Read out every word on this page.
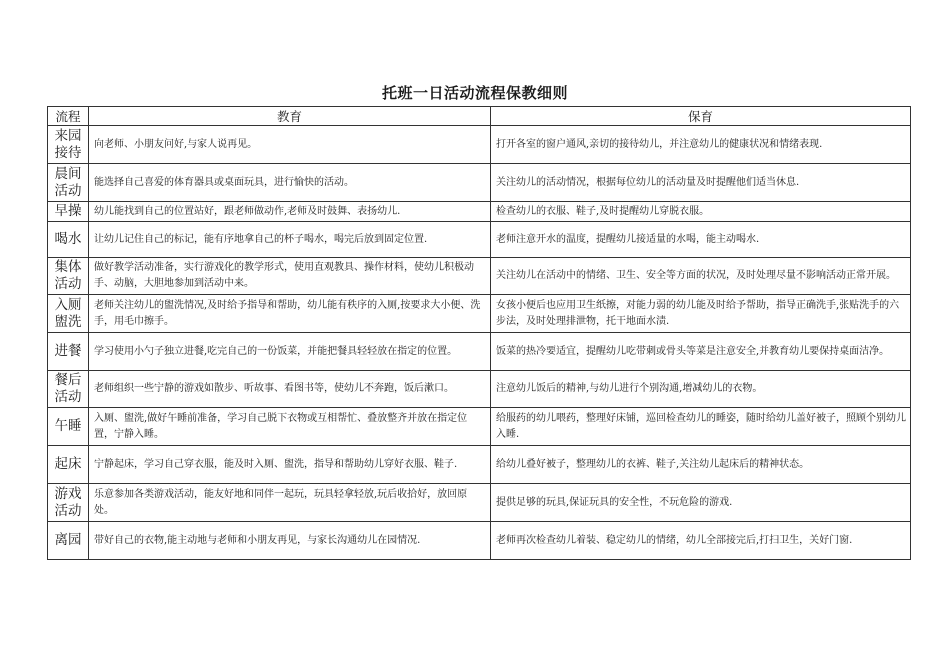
托班一日活动流程保教细则
流程	教育	保育

来园
接待	向老师、小朋友问好,与家人说再见。	打开各室的窗户通风,亲切的接待幼儿，并注意幼儿的健康状况和情绪表现.

晨间
活动	能选择自己喜爱的体育器具或桌面玩具，进行愉快的活动。	关注幼儿的活动情况，根据每位幼儿的活动量及时提醒他们适当休息.

早操	幼儿能找到自己的位置站好，跟老师做动作,老师及时鼓舞、表扬幼儿.	检查幼儿的衣服、鞋子,及时提醒幼儿穿脱衣服。

喝水	让幼儿记住自己的标记，能有序地拿自己的杯子喝水，喝完后放到固定位置.	老师注意开水的温度，提醒幼儿接适量的水喝，能主动喝水.

集体
活动	做好教学活动准备，实行游戏化的教学形式，使用直观教具、操作材料，使幼儿积极动手、动脑，大胆地参加到活动中来。	关注幼儿在活动中的情绪、卫生、安全等方面的状况，及时处理尽量不影响活动正常开展。

入厕
盥洗	老师关注幼儿的盥洗情况,及时给予指导和帮助，幼儿能有秩序的入厕,按要求大小便、洗手，用毛巾擦手。	女孩小便后也应用卫生纸擦，对能力弱的幼儿能及时给予帮助，指导正确洗手,张贴洗手的六步法，及时处理排泄物，托干地面水渍.

进餐	学习使用小勺子独立进餐,吃完自己的一份饭菜，并能把餐具轻轻放在指定的位置。	饭菜的热冷要适宜，提醒幼儿吃带刺或骨头等菜是注意安全,并教育幼儿要保持桌面洁净。

餐后
活动	老师组织一些宁静的游戏如散步、听故事、看图书等，使幼儿不奔跑，饭后漱口。	注意幼儿饭后的精神,与幼儿进行个别沟通,增减幼儿的衣物。

午睡	入厕、盥洗,做好午睡前准备，学习自己脱下衣物或互相帮忙、叠放整齐并放在指定位置，宁静入睡。	给服药的幼儿喂药，整理好床铺，巡回检查幼儿的睡姿，随时给幼儿盖好被子，照顾个别幼儿入睡.

起床	宁静起床，学习自己穿衣服，能及时入厕、盥洗，指导和帮助幼儿穿好衣服、鞋子.	给幼儿叠好被子，整理幼儿的衣裤、鞋子,关注幼儿起床后的精神状态。

游戏
活动	乐意参加各类游戏活动，能友好地和同伴一起玩，玩具轻拿轻放,玩后收拾好，放回原处。	提供足够的玩具,保证玩具的安全性，不玩危险的游戏.

离园	带好自己的衣物,能主动地与老师和小朋友再见，与家长沟通幼儿在园情况.	老师再次检查幼儿着装、稳定幼儿的情绪，幼儿全部接完后,打扫卫生，关好门窗.
